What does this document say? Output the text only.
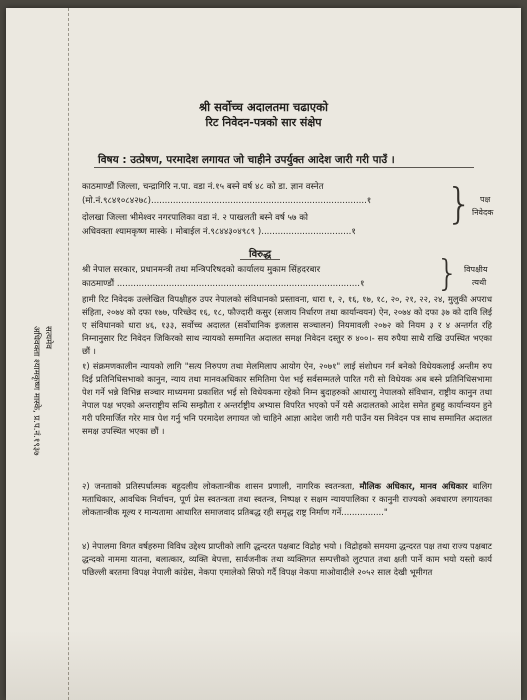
श्री सर्वोच्च अदालतमा चढाएको
रिट निवेदन-पत्रको सार संक्षेप
विषय : उत्प्रेषण, परमादेश लगायत जो चाहीने उपर्युक्त आदेश जारी गरी पाउँ ।
काठमाण्डौं जिल्ला, चन्द्रागिरि न.पा. वडा नं.१५ बस्ने वर्ष ४८ को डा. ज्ञान वस्नेत
(मो.नं.९८४१०८४२७८)...............................................................................१
दोलखा जिल्ला भीमेश्वर नगरपालिका वडा नं. २ पाखलती बस्ने वर्ष ५७ को
अधिवक्ता श्यामकृष्ण मास्के । मोबाईल नं.९८४४३०४९८९ ).................................१
} पक्ष
निवेदक
विरुद्ध
श्री नेपाल सरकार, प्रधानमन्त्री तथा मन्त्रिपरिषदको कार्यालय मुकाम सिंहदरबार
काठमाण्डौं .........................................................................................१ } विपक्षीय
त्यथी
हामी रिट निवेदक उल्लेखित विपक्षीहरु उपर नेपालको संविधानको प्रस्तावना, धारा १, २, १६, १७, १८, २०, २१, २२, २४, मुलुकी अपराध संहिता, २०७४ को दफा १७७, परिच्छेद १६, १८, फौज्दारी कसुर (सजाय निर्धारण तथा कार्यान्वयन) ऐन, २०७४ को दफा ३७ को दावि लिई ए संविधानको धारा ४६, १३३, सर्वोच्च अदालत (सर्वोधानिक इजलास सञ्चालन) नियमावली २०७२ को नियम ३ र ४ अन्तर्गत रहि निम्नानुसार रिट निवेदन जिकिरको साथ न्यायको सम्मानित अदालत समक्ष निवेदन दस्तुर रु ४००।- सय रुपैया साथै राखि उपस्थित भएका छौं ।
१) संक्रमणकालीन न्यायको लागि "सत्य निरुपण तथा मेलमिलाप आयोग ऐन, २०७१" लाई संशोधन गर्न बनेको विधेयकलाई अन्तीम रुप दिई प्रतिनिधिसभाको कानुन, न्याय तथा मानवअधिकार समितिमा पेश भई सर्वसम्मतले पारित गरी सो विधेयक अब बस्ने प्रतिनिधिसभामा पेश गर्ने भन्ने विभिन्न सञ्चार माध्यममा प्रकाशित भई सो विधेयकमा रहेको निम्न बुदाहरुको आधारगु नेपालको संविधान, राष्ट्रीय कानुन तथा नेपाल पक्ष भएको अन्तराष्ट्रीय सन्धि सम्झौता र अन्तर्राष्ट्रीय अभ्यास विपरित भएको पर्ने यसै अदालतको आदेश समेत हुबहु कार्यान्वयन हुने गरी परिमार्जित गरेर मात्र पेश गर्नु भनि परमादेश लगायत जो चाहिने आज्ञा आदेश जारी गरी पाउँन यस निवेदन पत्र साथ सम्मानित अदालत समक्ष उपस्थित भएका छौं ।
२) जनताको प्रतिस्पर्धात्मक बहुदलीय लोकतान्त्रीक शासन प्रणाली, नागरिक स्वतन्त्रता, मौलिक अधिकार, मानव अधिकार बालिग मताधिकार, आवधिक निर्वाचन, पूर्ण प्रेस स्वतन्त्रता तथा स्वतन्त्र, निष्पक्ष र सक्षम न्यायपालिका र कानुनी राज्यको अवधारण लगायतका लोकतान्त्रीक मूल्य र मान्यतामा आधारित समाजवाद प्रतिबद्ध रही समृद्ध राष्ट्र निर्माण गर्ने................"
४) नेपालमा विगत वर्षहरुमा विविध उद्देश्य प्राप्तीको लागि द्धन्दरत पक्षबाट विद्रोह भयो । विद्रोहको समयमा द्धन्दरत पक्ष तथा राज्य पक्षबाट द्धन्दको नाममा यातना, बलात्कार, व्यक्ति बेपत्ता, सार्वजनीक तथा व्यक्तिगत सम्पत्तीको लुटपात तथा क्षती पार्ने काम भयो यस्तो कार्य पछिल्ली बरतमा विपक्ष नेपाली कांग्रेस, नेकपा एमालेको सिफो गर्दै विपक्ष नेकपा माओवादीले २०५२ साल देखी भूमीगत
सत्यमेव
अधिवक्ता श्यामकृष्ण मास्के, प्र.प.नं.१९३७
